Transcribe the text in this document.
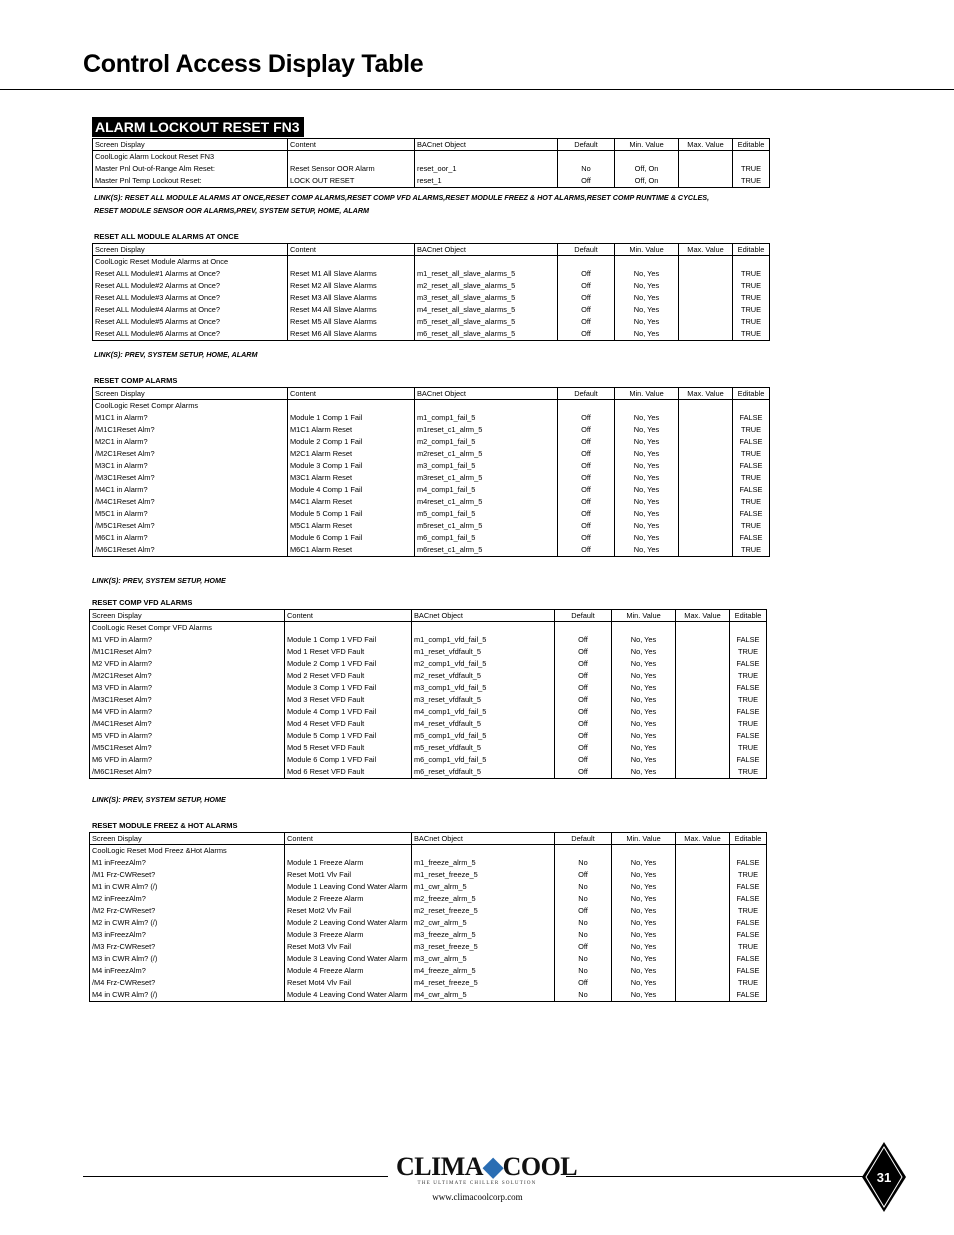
Control Access Display Table
ALARM LOCKOUT RESET FN3
Screen Display	Content	BACnet Object	Default	Min. Value	Max. Value	Editable
CoolLogic Alarm Lockout Reset FN3						
Master Pnl Out-of-Range Alm Reset:	Reset Sensor OOR Alarm	reset_oor_1	No	Off, On		TRUE
Master Pnl Temp Lockout Reset:	LOCK OUT RESET	reset_1	Off	Off, On		TRUE
LINK(S): RESET ALL MODULE ALARMS AT ONCE,RESET COMP ALARMS,RESET COMP VFD ALARMS,RESET MODULE FREEZ & HOT ALARMS,RESET COMP RUNTIME & CYCLES,
RESET MODULE SENSOR OOR ALARMS,PREV, SYSTEM SETUP, HOME, ALARM
RESET ALL MODULE ALARMS AT ONCE
Screen Display	Content	BACnet Object	Default	Min. Value	Max. Value	Editable
CoolLogic Reset Module Alarms at Once						
Reset ALL Module#1 Alarms at Once?	Reset M1 All Slave Alarms	m1_reset_all_slave_alarms_5	Off	No, Yes		TRUE
Reset ALL Module#2 Alarms at Once?	Reset M2 All Slave Alarms	m2_reset_all_slave_alarms_5	Off	No, Yes		TRUE
Reset ALL Module#3 Alarms at Once?	Reset M3 All Slave Alarms	m3_reset_all_slave_alarms_5	Off	No, Yes		TRUE
Reset ALL Module#4 Alarms at Once?	Reset M4 All Slave Alarms	m4_reset_all_slave_alarms_5	Off	No, Yes		TRUE
Reset ALL Module#5 Alarms at Once?	Reset M5 All Slave Alarms	m5_reset_all_slave_alarms_5	Off	No, Yes		TRUE
Reset ALL Module#6 Alarms at Once?	Reset M6 All Slave Alarms	m6_reset_all_slave_alarms_5	Off	No, Yes		TRUE
LINK(S): PREV, SYSTEM SETUP, HOME, ALARM
RESET COMP ALARMS
Screen Display	Content	BACnet Object	Default	Min. Value	Max. Value	Editable
CoolLogic Reset Compr Alarms						
M1C1 in Alarm?	Module 1 Comp 1 Fail	m1_comp1_fail_5	Off	No, Yes		FALSE
/M1C1Reset Alm?	M1C1 Alarm Reset	m1reset_c1_alrm_5	Off	No, Yes		TRUE
M2C1 in Alarm?	Module 2 Comp 1 Fail	m2_comp1_fail_5	Off	No, Yes		FALSE
/M2C1Reset Alm?	M2C1 Alarm Reset	m2reset_c1_alrm_5	Off	No, Yes		TRUE
M3C1 in Alarm?	Module 3 Comp 1 Fail	m3_comp1_fail_5	Off	No, Yes		FALSE
/M3C1Reset Alm?	M3C1 Alarm Reset	m3reset_c1_alrm_5	Off	No, Yes		TRUE
M4C1 in Alarm?	Module 4 Comp 1 Fail	m4_comp1_fail_5	Off	No, Yes		FALSE
/M4C1Reset Alm?	M4C1 Alarm Reset	m4reset_c1_alrm_5	Off	No, Yes		TRUE
M5C1 in Alarm?	Module 5 Comp 1 Fail	m5_comp1_fail_5	Off	No, Yes		FALSE
/M5C1Reset Alm?	M5C1 Alarm Reset	m5reset_c1_alrm_5	Off	No, Yes		TRUE
M6C1 in Alarm?	Module 6 Comp 1 Fail	m6_comp1_fail_5	Off	No, Yes		FALSE
/M6C1Reset Alm?	M6C1 Alarm Reset	m6reset_c1_alrm_5	Off	No, Yes		TRUE
LINK(S): PREV, SYSTEM SETUP, HOME
RESET COMP VFD ALARMS
Screen Display	Content	BACnet Object	Default	Min. Value	Max. Value	Editable
CoolLogic Reset Compr VFD Alarms						
M1 VFD in Alarm?	Module 1 Comp 1 VFD Fail	m1_comp1_vfd_fail_5	Off	No, Yes		FALSE
/M1C1Reset Alm?	Mod 1 Reset VFD Fault	m1_reset_vfdfault_5	Off	No, Yes		TRUE
M2 VFD in Alarm?	Module 2 Comp 1 VFD Fail	m2_comp1_vfd_fail_5	Off	No, Yes		FALSE
/M2C1Reset Alm?	Mod 2 Reset VFD Fault	m2_reset_vfdfault_5	Off	No, Yes		TRUE
M3 VFD in Alarm?	Module 3 Comp 1 VFD Fail	m3_comp1_vfd_fail_5	Off	No, Yes		FALSE
/M3C1Reset Alm?	Mod 3 Reset VFD Fault	m3_reset_vfdfault_5	Off	No, Yes		TRUE
M4 VFD in Alarm?	Module 4 Comp 1 VFD Fail	m4_comp1_vfd_fail_5	Off	No, Yes		FALSE
/M4C1Reset Alm?	Mod 4 Reset VFD Fault	m4_reset_vfdfault_5	Off	No, Yes		TRUE
M5 VFD in Alarm?	Module 5 Comp 1 VFD Fail	m5_comp1_vfd_fail_5	Off	No, Yes		FALSE
/M5C1Reset Alm?	Mod 5 Reset VFD Fault	m5_reset_vfdfault_5	Off	No, Yes		TRUE
M6 VFD in Alarm?	Module 6 Comp 1 VFD Fail	m6_comp1_vfd_fail_5	Off	No, Yes		FALSE
/M6C1Reset Alm?	Mod 6 Reset VFD Fault	m6_reset_vfdfault_5	Off	No, Yes		TRUE
LINK(S): PREV, SYSTEM SETUP, HOME
RESET MODULE FREEZ & HOT ALARMS
Screen Display	Content	BACnet Object	Default	Min. Value	Max. Value	Editable
CoolLogic Reset Mod Freez &Hot Alarms						
M1 inFreezAlm?	Module 1 Freeze Alarm	m1_freeze_alrm_5	No	No, Yes		FALSE
/M1 Frz-CWReset?	Reset Mot1 Vlv Fail	m1_reset_freeze_5	Off	No, Yes		TRUE
M1 in CWR Alm? (/)	Module 1 Leaving Cond Water Alarm	m1_cwr_alrm_5	No	No, Yes		FALSE
M2 inFreezAlm?	Module 2 Freeze Alarm	m2_freeze_alrm_5	No	No, Yes		FALSE
/M2 Frz-CWReset?	Reset Mot2 Vlv Fail	m2_reset_freeze_5	Off	No, Yes		TRUE
M2 in CWR Alm? (/)	Module 2 Leaving Cond Water Alarm	m2_cwr_alrm_5	No	No, Yes		FALSE
M3 inFreezAlm?	Module 3 Freeze Alarm	m3_freeze_alrm_5	No	No, Yes		FALSE
/M3 Frz-CWReset?	Reset Mot3 Vlv Fail	m3_reset_freeze_5	Off	No, Yes		TRUE
M3 in CWR Alm? (/)	Module 3 Leaving Cond Water Alarm	m3_cwr_alrm_5	No	No, Yes		FALSE
M4 inFreezAlm?	Module 4 Freeze Alarm	m4_freeze_alrm_5	No	No, Yes		FALSE
/M4 Frz-CWReset?	Reset Mot4 Vlv Fail	m4_reset_freeze_5	Off	No, Yes		TRUE
M4 in CWR Alm? (/)	Module 4 Leaving Cond Water Alarm	m4_cwr_alrm_5	No	No, Yes		FALSE
CLIMA◆COOL
THE ULTIMATE CHILLER SOLUTION
www.climacoolcorp.com
31
